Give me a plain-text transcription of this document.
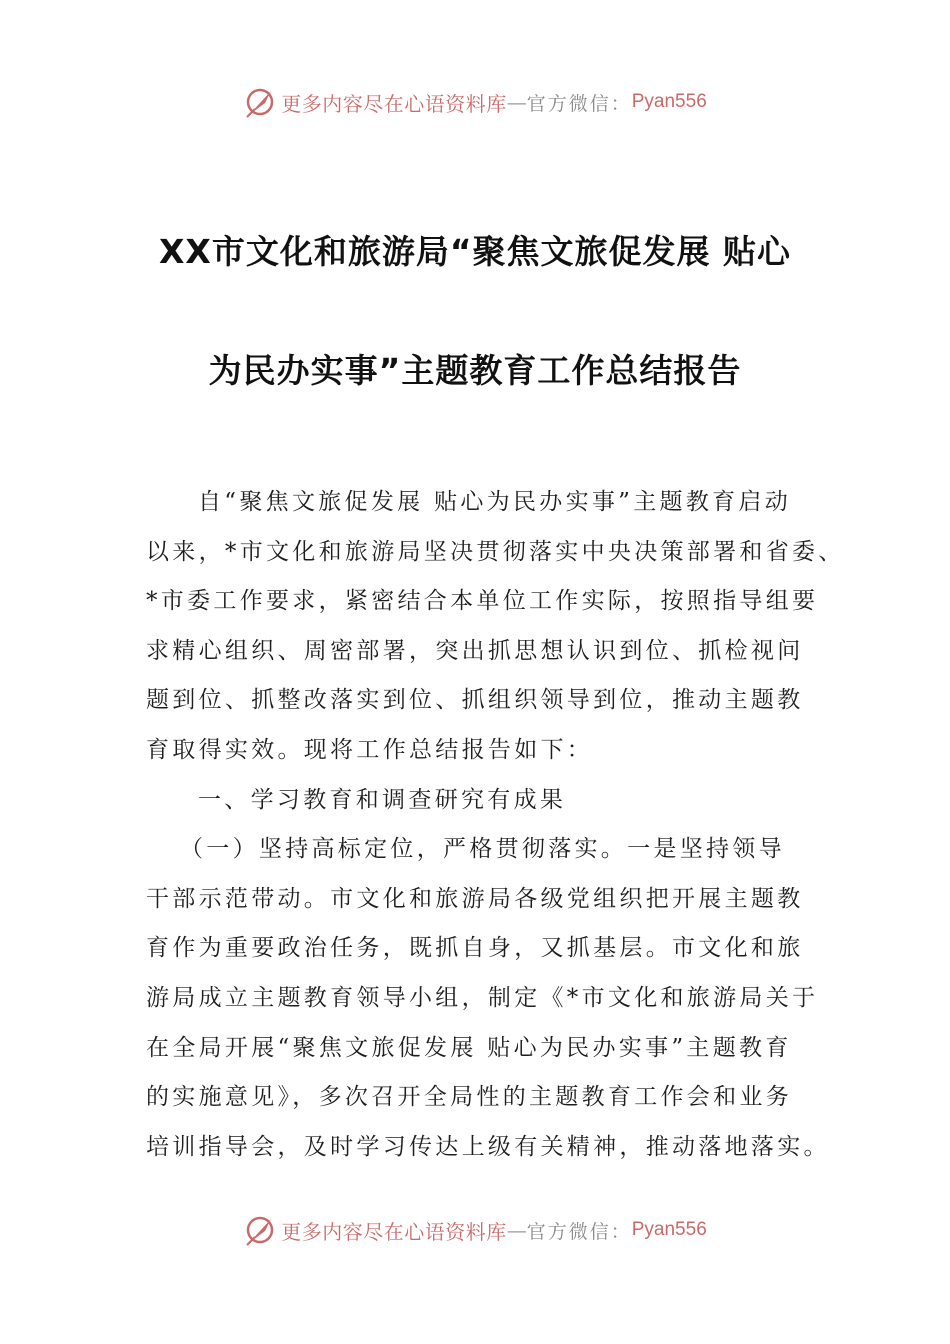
更多内容尽在心语资料库 — 官方微信： Pyan556
XX市文化和旅游局“聚焦文旅促发展 贴心
为民办实事”主题教育工作总结报告
自“聚焦文旅促发展 贴心为民办实事”主题教育启动
以来，*市文化和旅游局坚决贯彻落实中央决策部署和省委、
*市委工作要求，紧密结合本单位工作实际，按照指导组要
求精心组织、周密部署，突出抓思想认识到位、抓检视问
题到位、抓整改落实到位、抓组织领导到位，推动主题教
育取得实效。现将工作总结报告如下：
一、学习教育和调查研究有成果
（一）坚持高标定位，严格贯彻落实。一是坚持领导
干部示范带动。市文化和旅游局各级党组织把开展主题教
育作为重要政治任务，既抓自身，又抓基层。市文化和旅
游局成立主题教育领导小组，制定《*市文化和旅游局关于
在全局开展“聚焦文旅促发展 贴心为民办实事”主题教育
的实施意见》，多次召开全局性的主题教育工作会和业务
培训指导会，及时学习传达上级有关精神，推动落地落实。
更多内容尽在心语资料库 — 官方微信： Pyan556
